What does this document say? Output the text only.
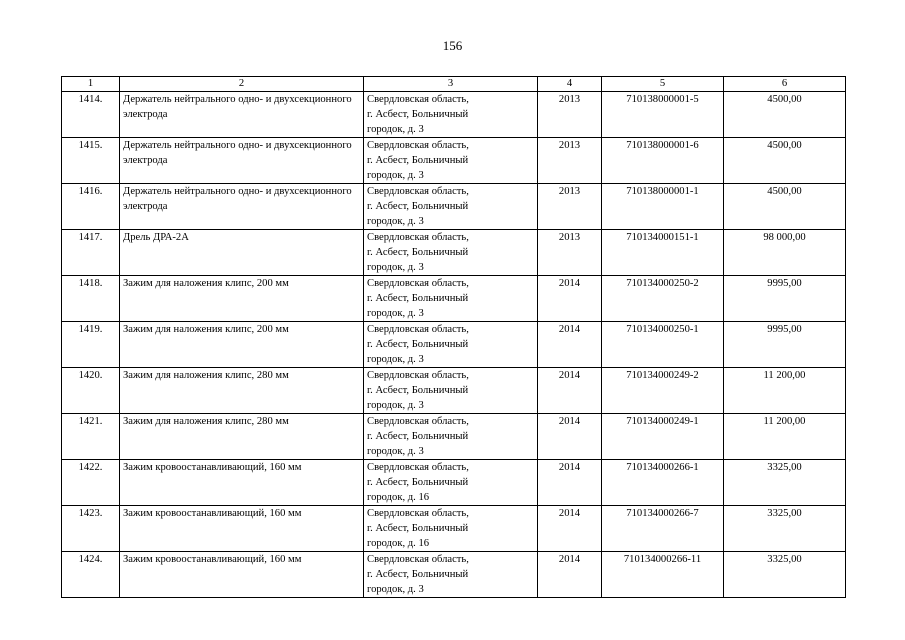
156
1	2	3	4	5	6
1414.	Держатель нейтрального одно- и двухсекционного электрода	Свердловская область,
г. Асбест, Больничный
городок, д. 3	2013	710138000001-5	4500,00
1415.	Держатель нейтрального одно- и двухсекционного электрода	Свердловская область,
г. Асбест, Больничный
городок, д. 3	2013	710138000001-6	4500,00
1416.	Держатель нейтрального одно- и двухсекционного электрода	Свердловская область,
г. Асбест, Больничный
городок, д. 3	2013	710138000001-1	4500,00
1417.	Дрель ДРА-2А	Свердловская область,
г. Асбест, Больничный
городок, д. 3	2013	710134000151-1	98 000,00
1418.	Зажим для наложения клипс, 200 мм	Свердловская область,
г. Асбест, Больничный
городок, д. 3	2014	710134000250-2	9995,00
1419.	Зажим для наложения клипс, 200 мм	Свердловская область,
г. Асбест, Больничный
городок, д. 3	2014	710134000250-1	9995,00
1420.	Зажим для наложения клипс, 280 мм	Свердловская область,
г. Асбест, Больничный
городок, д. 3	2014	710134000249-2	11 200,00
1421.	Зажим для наложения клипс, 280 мм	Свердловская область,
г. Асбест, Больничный
городок, д. 3	2014	710134000249-1	11 200,00
1422.	Зажим кровоостанавливающий, 160 мм	Свердловская область,
г. Асбест, Больничный
городок, д. 16	2014	710134000266-1	3325,00
1423.	Зажим кровоостанавливающий, 160 мм	Свердловская область,
г. Асбест, Больничный
городок, д. 16	2014	710134000266-7	3325,00
1424.	Зажим кровоостанавливающий, 160 мм	Свердловская область,
г. Асбест, Больничный
городок, д. 3	2014	710134000266-11	3325,00
